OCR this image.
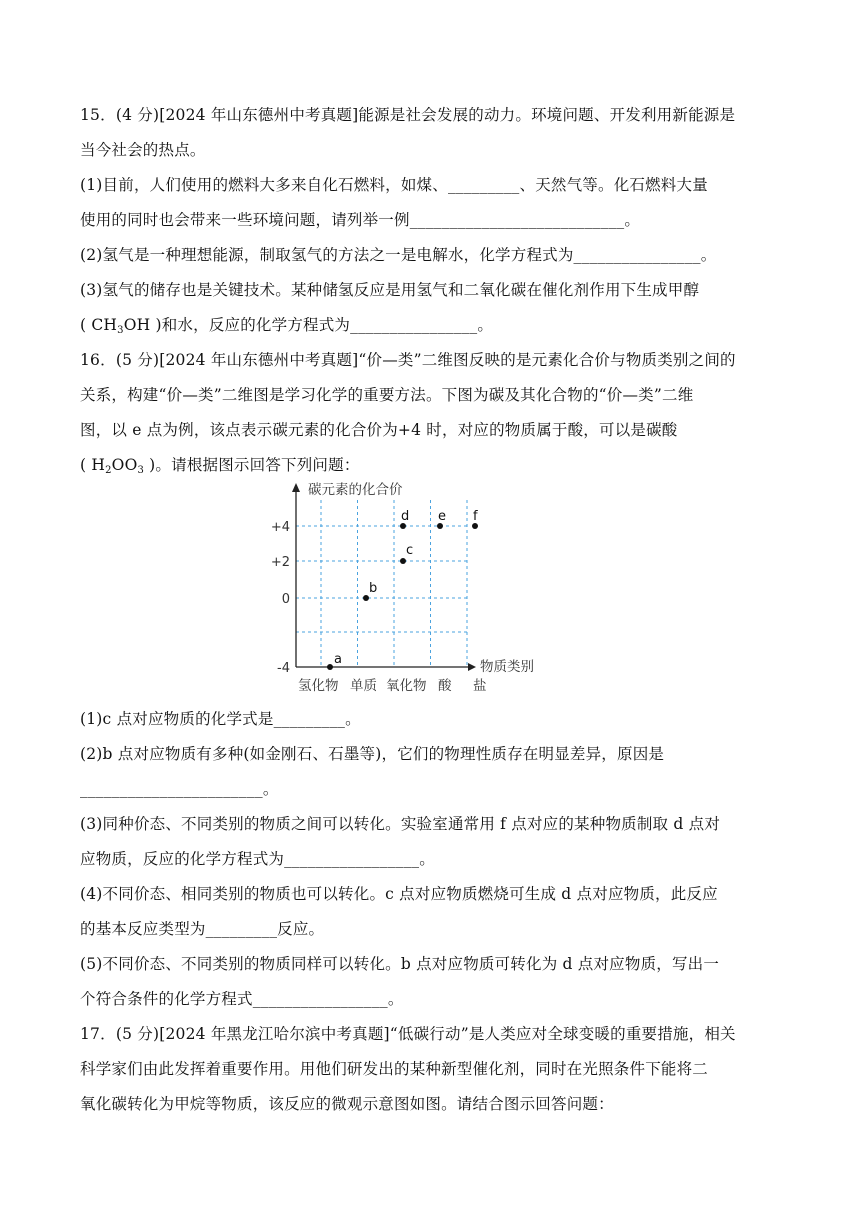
15．(4 分)[2024 年山东德州中考真题]能源是社会发展的动力。环境问题、开发利用新能源是
当今社会的热点。
(1)目前，人们使用的燃料大多来自化石燃料，如煤、_________、天然气等。化石燃料大量
使用的同时也会带来一些环境问题，请列举一例___________________________。
(2)氢气是一种理想能源，制取氢气的方法之一是电解水，化学方程式为________________。
(3)氢气的储存也是关键技术。某种储氢反应是用氢气和二氧化碳在催化剂作用下生成甲醇
( $CH_3OH$ )和水，反应的化学方程式为________________。
16．(5 分)[2024 年山东德州中考真题]“价—类”二维图反映的是元素化合价与物质类别之间的
关系，构建“价—类”二维图是学习化学的重要方法。下图为碳及其化合物的“价—类”二维
图，以 e 点为例，该点表示碳元素的化合价为+4 时，对应的物质属于酸，可以是碳酸
( $H_2OO_3$ )。请根据图示回答下列问题：
碳元素的化合价
物质类别
+4
+2
0
-4
氢化物 单质 氧化物 酸 盐
a
b
c
d e f
(1)c 点对应物质的化学式是_________。
(2)b 点对应物质有多种(如金刚石、石墨等)，它们的物理性质存在明显差异，原因是
_______________________。
(3)同种价态、不同类别的物质之间可以转化。实验室通常用 f 点对应的某种物质制取 d 点对
应物质，反应的化学方程式为_________________。
(4)不同价态、相同类别的物质也可以转化。c 点对应物质燃烧可生成 d 点对应物质，此反应
的基本反应类型为_________反应。
(5)不同价态、不同类别的物质同样可以转化。b 点对应物质可转化为 d 点对应物质，写出一
个符合条件的化学方程式_________________。
17．(5 分)[2024 年黑龙江哈尔滨中考真题]“低碳行动”是人类应对全球变暖的重要措施，相关
科学家们由此发挥着重要作用。用他们研发出的某种新型催化剂，同时在光照条件下能将二
氧化碳转化为甲烷等物质，该反应的微观示意图如图。请结合图示回答问题：
